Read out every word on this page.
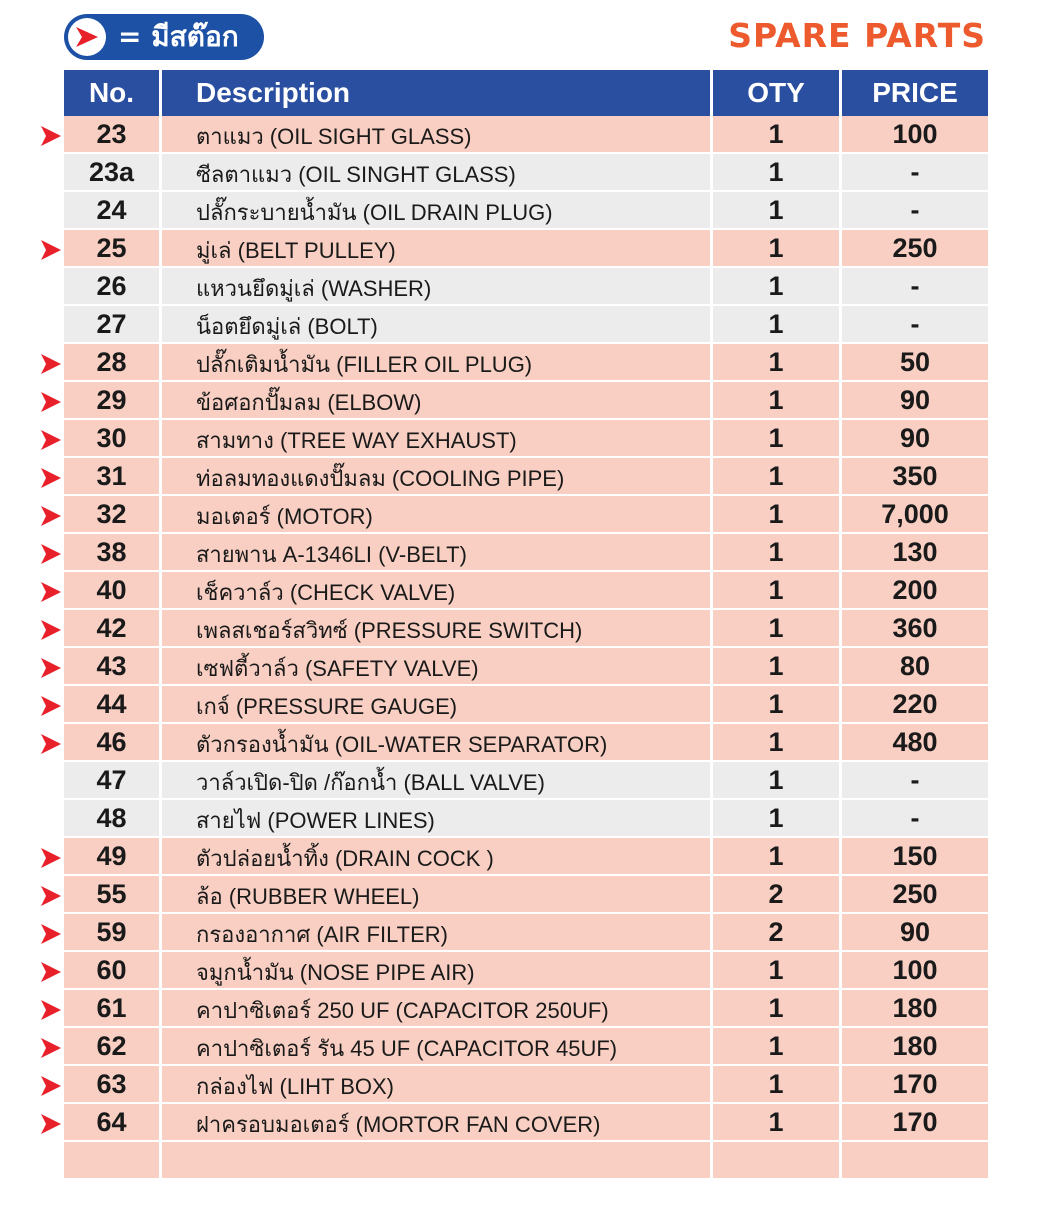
= มีสต๊อก	SPARE PARTS
No.	Description	OTY	PRICE
23	ตาแมว (OIL SIGHT GLASS)	1	100
23a	ซีลตาแมว (OIL SINGHT GLASS)	1	-
24	ปลั๊กระบายน้ำมัน (OIL DRAIN PLUG)	1	-
25	มู่เล่ (BELT PULLEY)	1	250
26	แหวนยึดมู่เล่ (WASHER)	1	-
27	น็อตยึดมู่เล่ (BOLT)	1	-
28	ปลั๊กเติมน้ำมัน (FILLER OIL PLUG)	1	50
29	ข้อศอกปั๊มลม (ELBOW)	1	90
30	สามทาง (TREE WAY EXHAUST)	1	90
31	ท่อลมทองแดงปั๊มลม (COOLING PIPE)	1	350
32	มอเตอร์ (MOTOR)	1	7,000
38	สายพาน A-1346LI (V-BELT)	1	130
40	เช็ควาล์ว (CHECK VALVE)	1	200
42	เพลสเชอร์สวิทซ์ (PRESSURE SWITCH)	1	360
43	เซฟตี้วาล์ว (SAFETY VALVE)	1	80
44	เกจ์ (PRESSURE GAUGE)	1	220
46	ตัวกรองน้ำมัน (OIL-WATER SEPARATOR)	1	480
47	วาล์วเปิด-ปิด /ก๊อกน้ำ (BALL VALVE)	1	-
48	สายไฟ (POWER LINES)	1	-
49	ตัวปล่อยน้ำทิ้ง (DRAIN COCK )	1	150
55	ล้อ (RUBBER WHEEL)	2	250
59	กรองอากาศ (AIR FILTER)	2	90
60	จมูกน้ำมัน (NOSE PIPE AIR)	1	100
61	คาปาซิเตอร์ 250 UF (CAPACITOR 250UF)	1	180
62	คาปาซิเตอร์ รัน 45 UF (CAPACITOR 45UF)	1	180
63	กล่องไฟ (LIHT BOX)	1	170
64	ฝาครอบมอเตอร์ (MORTOR FAN COVER)	1	170
